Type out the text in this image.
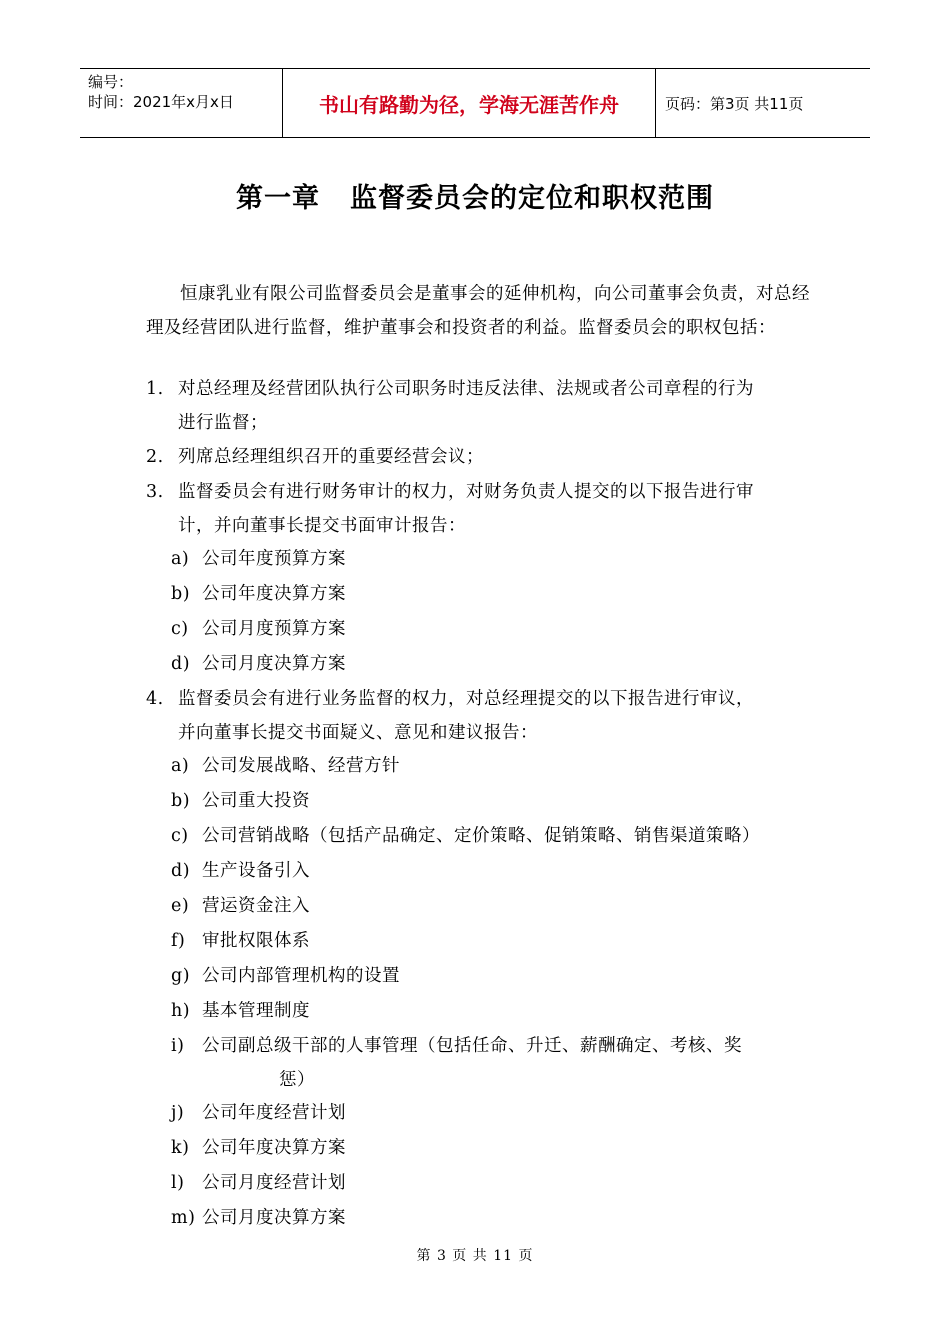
编号：
时间：2021年x月x日	书山有路勤为径，学海无涯苦作舟	页码：第3页 共11页
第一章 监督委员会的定位和职权范围
恒康乳业有限公司监督委员会是董事会的延伸机构，向公司董事会负责，对总经理及经营团队进行监督，维护董事会和投资者的利益。监督委员会的职权包括：
1. 对总经理及经营团队执行公司职务时违反法律、法规或者公司章程的行为
进行监督；
2. 列席总经理组织召开的重要经营会议；
3. 监督委员会有进行财务审计的权力，对财务负责人提交的以下报告进行审
计，并向董事长提交书面审计报告：
a) 公司年度预算方案
b) 公司年度决算方案
c) 公司月度预算方案
d) 公司月度决算方案
4. 监督委员会有进行业务监督的权力，对总经理提交的以下报告进行审议，
并向董事长提交书面疑义、意见和建议报告：
a) 公司发展战略、经营方针
b) 公司重大投资
c) 公司营销战略（包括产品确定、定价策略、促销策略、销售渠道策略）
d) 生产设备引入
e) 营运资金注入
f) 审批权限体系
g) 公司内部管理机构的设置
h) 基本管理制度
i) 公司副总级干部的人事管理（包括任命、升迁、薪酬确定、考核、奖
惩）
j) 公司年度经营计划
k) 公司年度决算方案
l) 公司月度经营计划
m) 公司月度决算方案
第 3 页 共 11 页
